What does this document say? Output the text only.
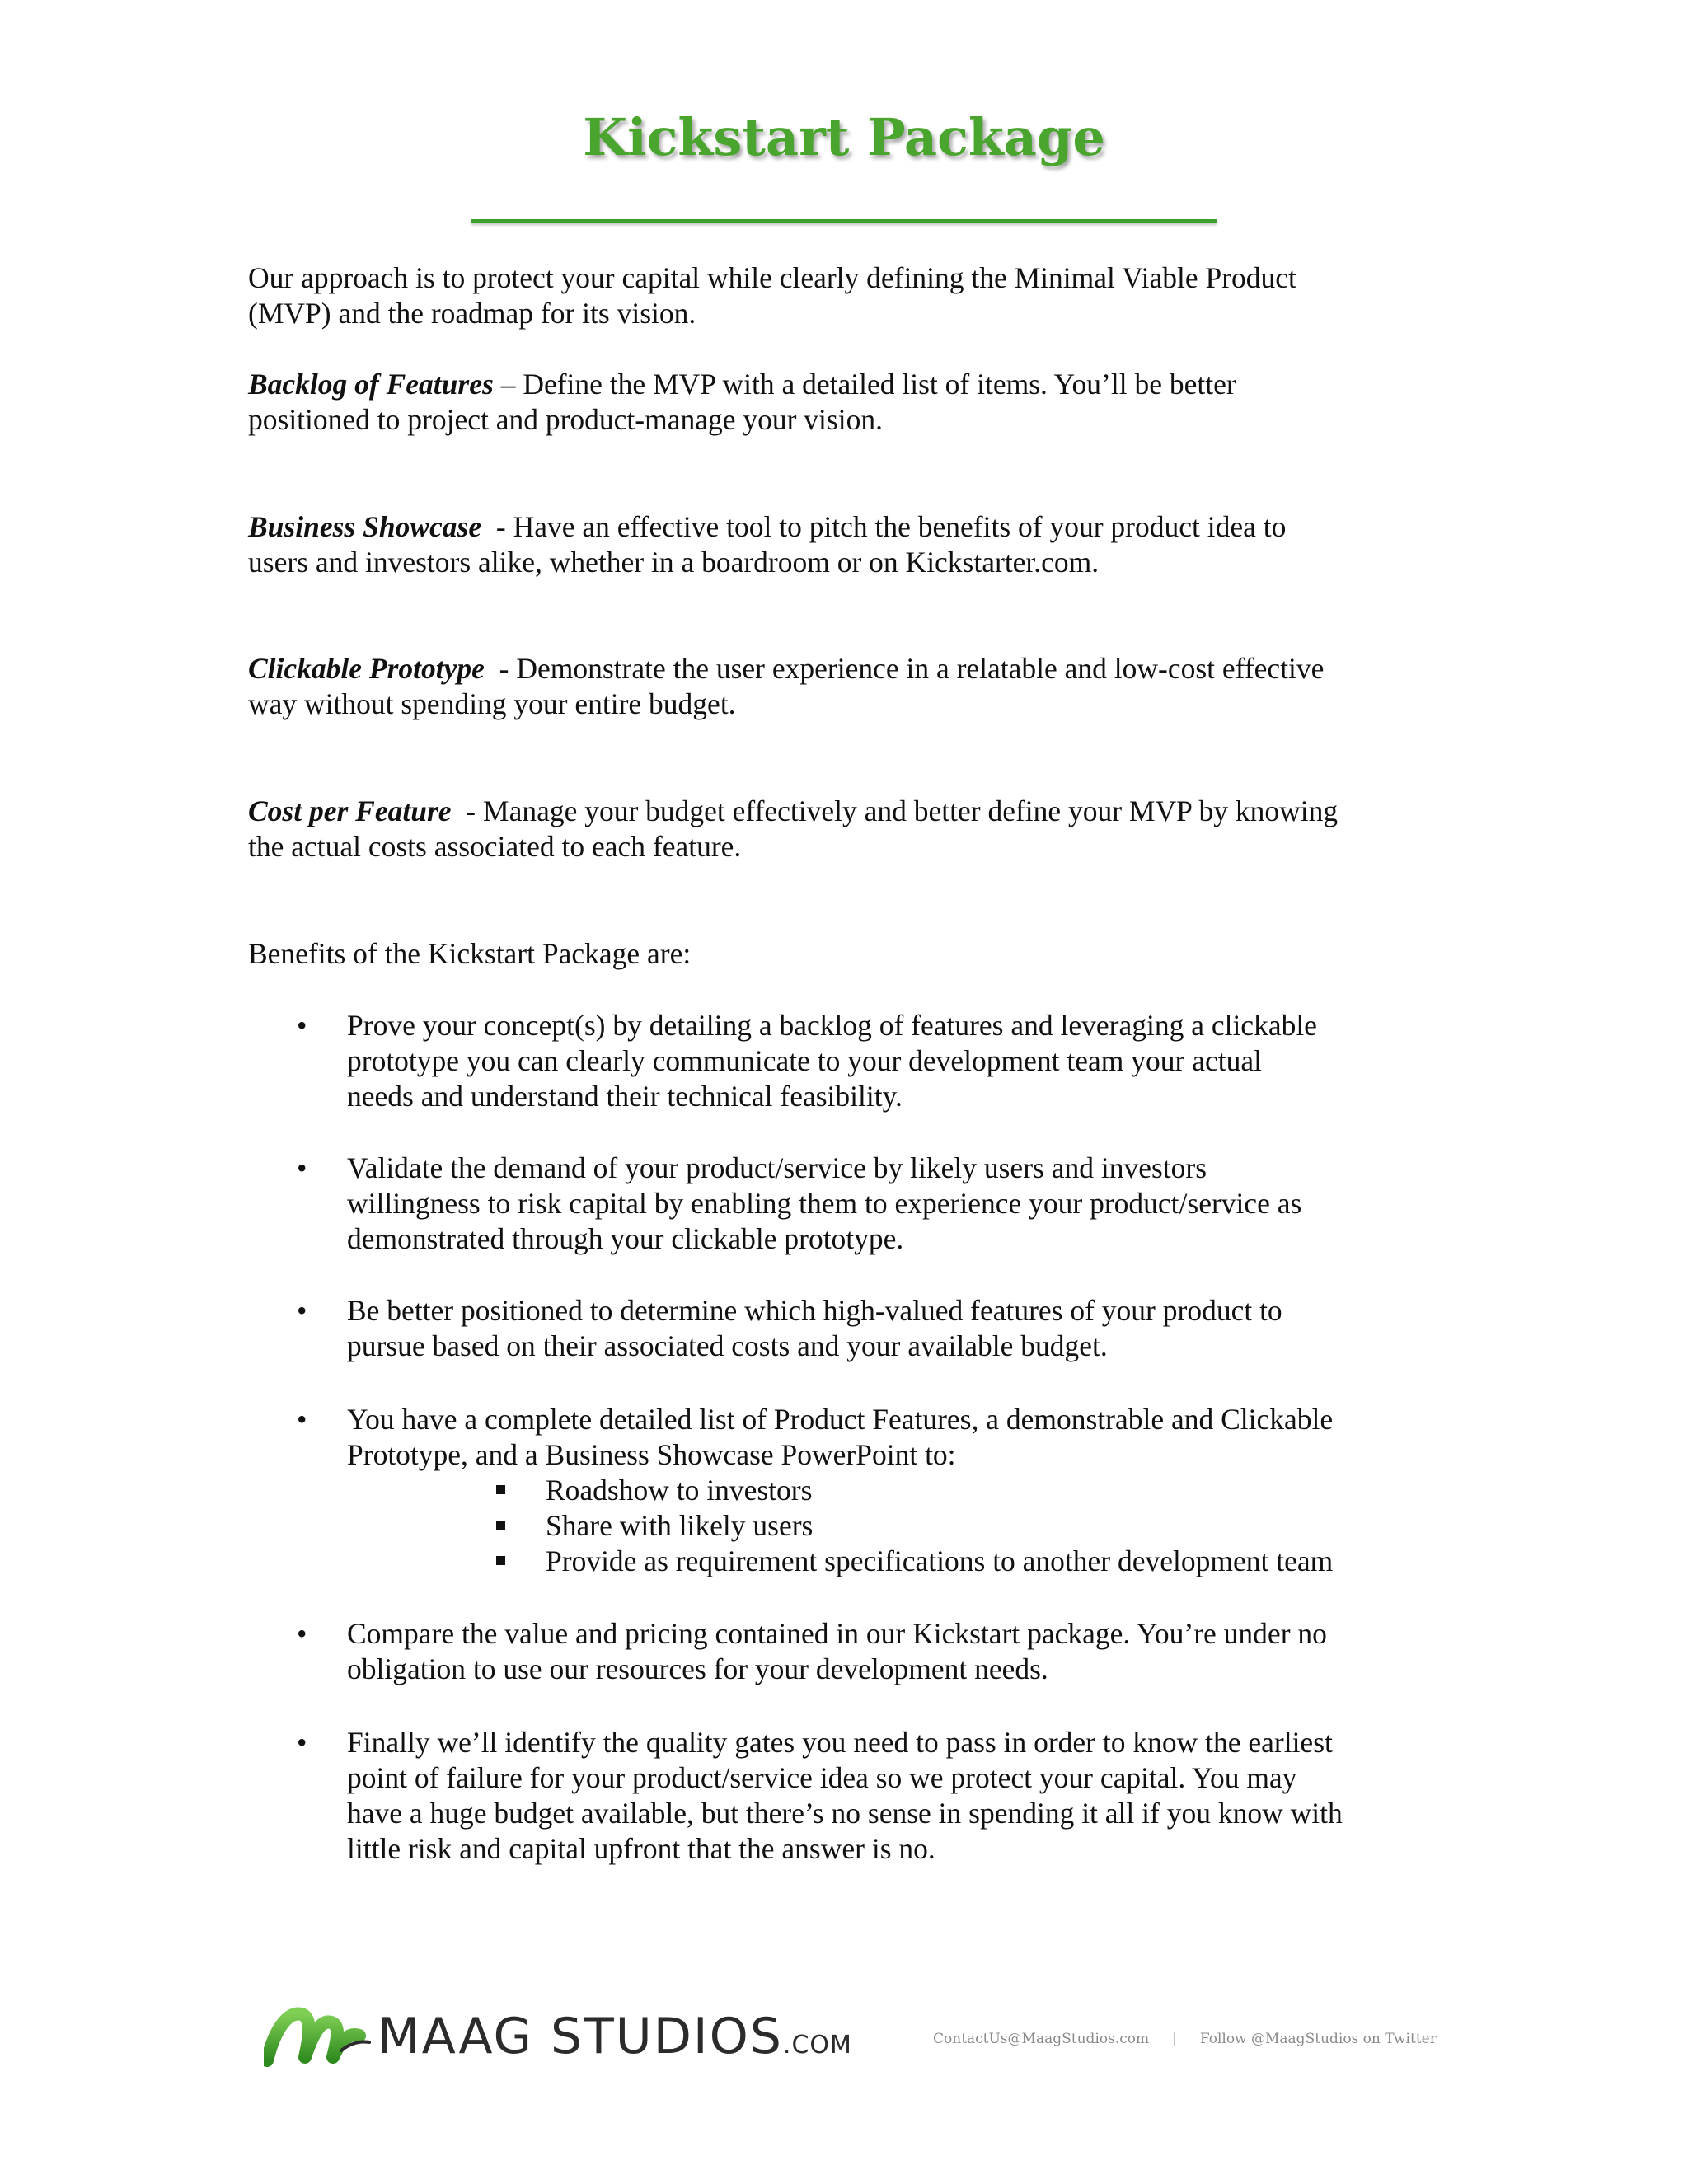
Kickstart Package
Our approach is to protect your capital while clearly defining the Minimal Viable Product
(MVP) and the roadmap for its vision.
Backlog of Features – Define the MVP with a detailed list of items. You’ll be better
positioned to project and product-manage your vision.
Business Showcase  - Have an effective tool to pitch the benefits of your product idea to
users and investors alike, whether in a boardroom or on Kickstarter.com.
Clickable Prototype  - Demonstrate the user experience in a relatable and low-cost effective
way without spending your entire budget.
Cost per Feature  - Manage your budget effectively and better define your MVP by knowing
the actual costs associated to each feature.
Benefits of the Kickstart Package are:
• Prove your concept(s) by detailing a backlog of features and leveraging a clickable
prototype you can clearly communicate to your development team your actual
needs and understand their technical feasibility.
• Validate the demand of your product/service by likely users and investors
willingness to risk capital by enabling them to experience your product/service as
demonstrated through your clickable prototype.
• Be better positioned to determine which high-valued features of your product to
pursue based on their associated costs and your available budget.
• You have a complete detailed list of Product Features, a demonstrable and Clickable
Prototype, and a Business Showcase PowerPoint to:
Roadshow to investors
Share with likely users
Provide as requirement specifications to another development team
• Compare the value and pricing contained in our Kickstart package. You’re under no
obligation to use our resources for your development needs.
• Finally we’ll identify the quality gates you need to pass in order to know the earliest
point of failure for your product/service idea so we protect your capital. You may
have a huge budget available, but there’s no sense in spending it all if you know with
little risk and capital upfront that the answer is no.
MAAG STUDIOS.COM	ContactUs@MaagStudios.com | Follow @MaagStudios on Twitter
